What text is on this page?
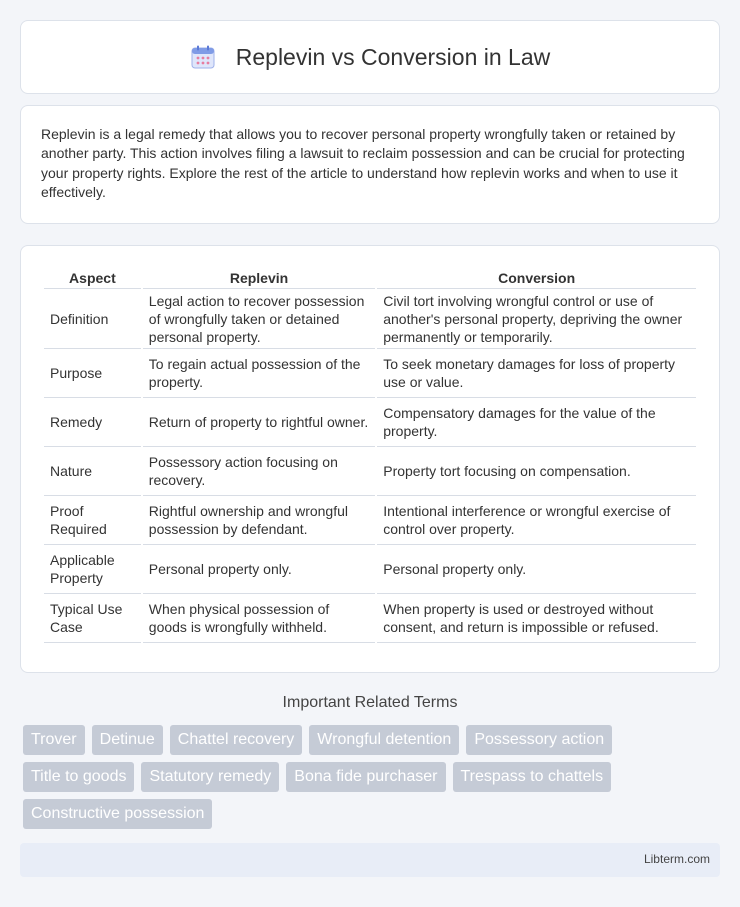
Replevin vs Conversion in Law

Replevin is a legal remedy that allows you to recover personal property wrongfully taken or retained by another party. This action involves filing a lawsuit to reclaim possession and can be crucial for protecting your property rights. Explore the rest of the article to understand how replevin works and when to use it effectively.

Aspect	Replevin	Conversion
Definition	Legal action to recover possession of wrongfully taken or detained personal property.	Civil tort involving wrongful control or use of another's personal property, depriving the owner permanently or temporarily.
Purpose	To regain actual possession of the property.	To seek monetary damages for loss of property use or value.
Remedy	Return of property to rightful owner.	Compensatory damages for the value of the property.
Nature	Possessory action focusing on recovery.	Property tort focusing on compensation.
Proof Required	Rightful ownership and wrongful possession by defendant.	Intentional interference or wrongful exercise of control over property.
Applicable Property	Personal property only.	Personal property only.
Typical Use Case	When physical possession of goods is wrongfully withheld.	When property is used or destroyed without consent, and return is impossible or refused.
Important Related Terms
Trover	Detinue	Chattel recovery	Wrongful detention	Possessory action
Title to goods	Statutory remedy	Bona fide purchaser	Trespass to chattels
Constructive possession
Libterm.com
